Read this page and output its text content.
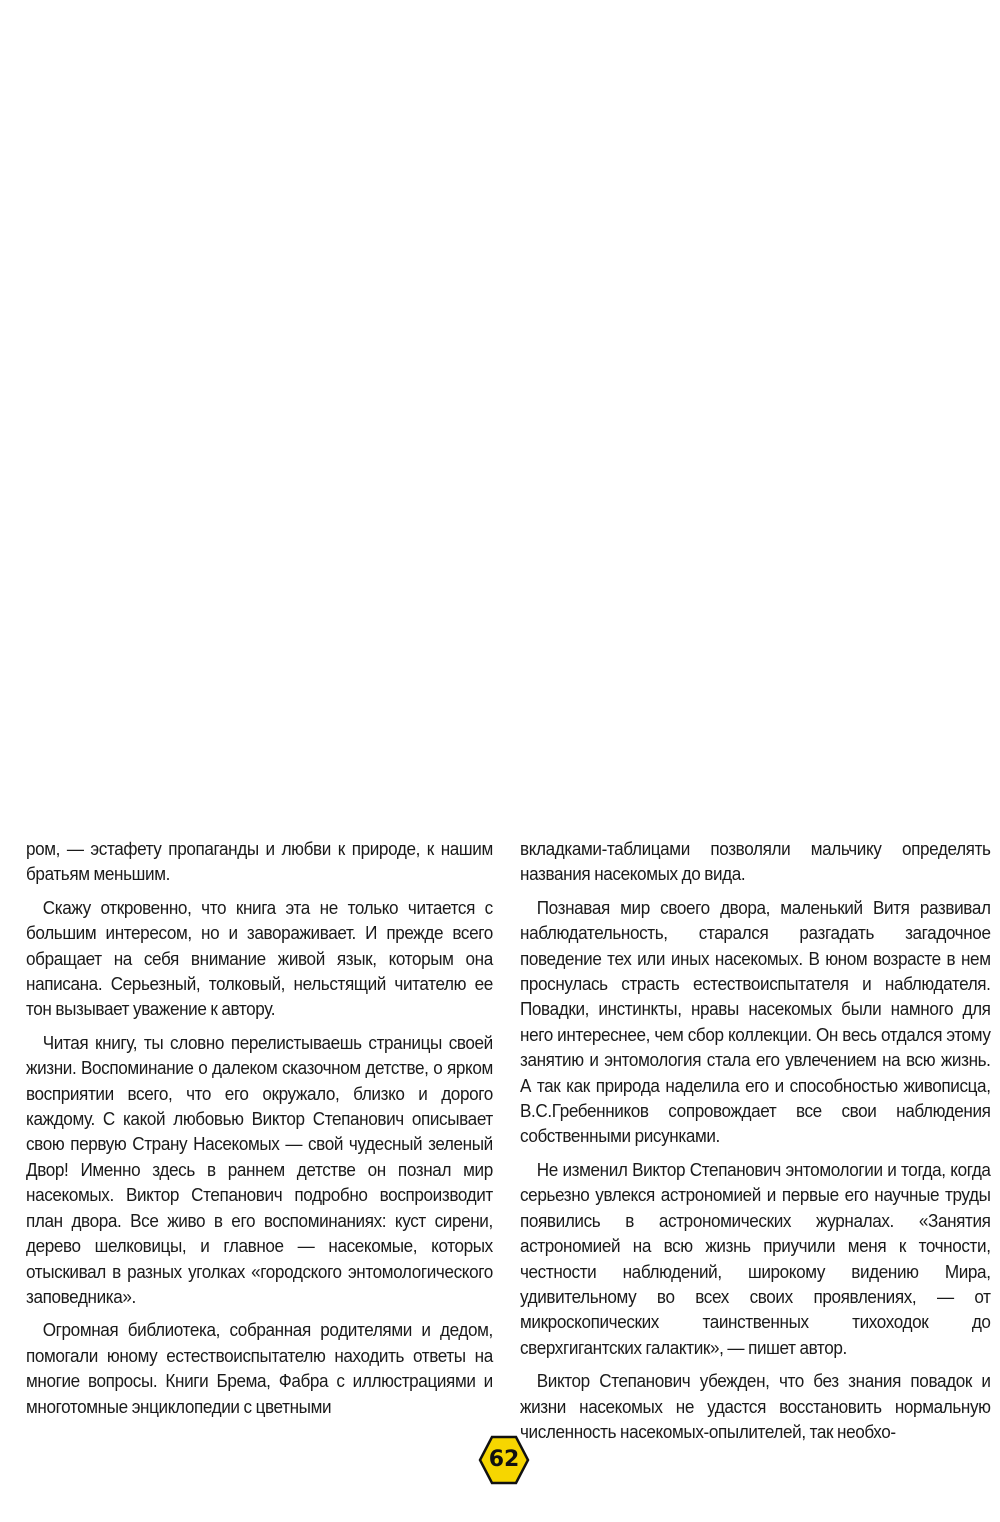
ром, — эстафету пропаганды и любви к природе, к нашим братьям меньшим.

Скажу откровенно, что книга эта не только читается с большим интересом, но и завораживает. И прежде всего обращает на себя внимание живой язык, которым она написана. Серьезный, толковый, нельстящий читателю ее тон вызывает уважение к автору.

Читая книгу, ты словно перелистываешь страницы своей жизни. Воспоминание о далеком сказочном детстве, о ярком восприятии всего, что его окружало, близко и дорого каждому. С какой любовью Виктор Степанович описывает свою первую Страну Насекомых — свой чудесный зеленый Двор! Именно здесь в раннем детстве он познал мир насекомых. Виктор Степанович подробно воспроизводит план двора. Все живо в его воспоминаниях: куст сирени, дерево шелковицы, и главное — насекомые, которых отыскивал в разных уголках «городского энтомологического заповедника».

Огромная библиотека, собранная родителями и дедом, помогали юному естествоиспытателю находить ответы на многие вопросы. Книги Брема, Фабра с иллюстрациями и многотомные энциклопедии с цветными

вкладками-таблицами позволяли мальчику определять названия насекомых до вида.

Познавая мир своего двора, маленький Витя развивал наблюдательность, старался разгадать загадочное поведение тех или иных насекомых. В юном возрасте в нем проснулась страсть естествоиспытателя и наблюдателя. Повадки, инстинкты, нравы насекомых были намного для него интереснее, чем сбор коллекции. Он весь отдался этому занятию и энтомология стала его увлечением на всю жизнь. А так как природа наделила его и способностью живописца, В.С.Гребенников сопровождает все свои наблюдения собственными рисунками.

Не изменил Виктор Степанович энтомологии и тогда, когда серьезно увлекся астрономией и первые его научные труды появились в астрономических журналах. «Занятия астрономией на всю жизнь приучили меня к точности, честности наблюдений, широкому видению Мира, удивительному во всех своих проявлениях, — от микроскопических таинственных тихоходок до сверхгигантских галактик», — пишет автор.

Виктор Степанович убежден, что без знания повадок и жизни насекомых не удастся восстановить нормальную численность насекомых-опылителей, так необхо-

62
